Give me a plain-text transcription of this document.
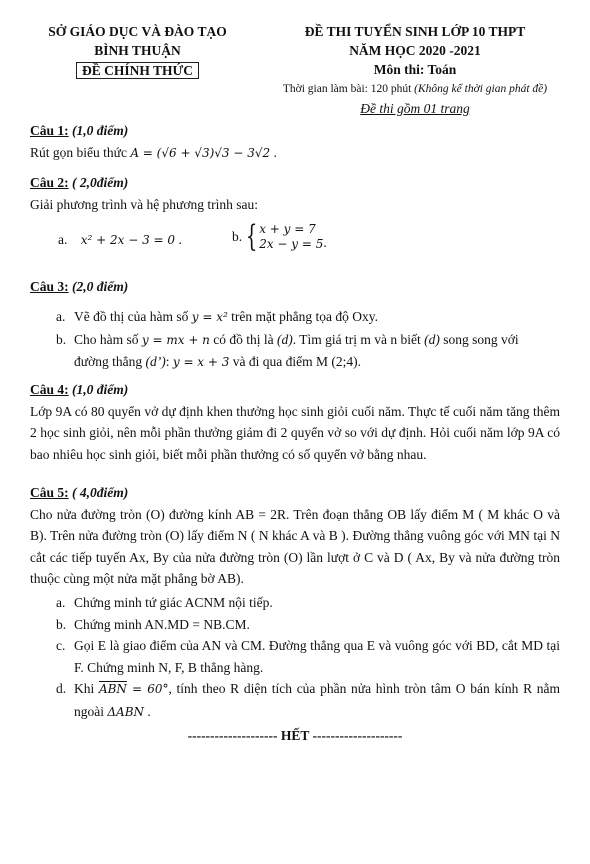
SỞ GIÁO DỤC VÀ ĐÀO TẠO
BÌNH THUẬN
ĐỀ CHÍNH THỨC
ĐỀ THI TUYỂN SINH LỚP 10 THPT
NĂM HỌC 2020 -2021
Môn thi: Toán
Thời gian làm bài: 120 phút (Không kể thời gian phát đề)
Đề thi gồm 01 trang
Câu 1: (1,0 điểm)
Rút gọn biểu thức A = (√6 + √3)√3 − 3√2 .
Câu 2: ( 2,0điểm)
Giải phương trình và hệ phương trình sau:
a. x² + 2x − 3 = 0 .	b. { x + y = 7
2x − y = 5 .
Câu 3: (2,0 điểm)
a. Vẽ đồ thị của hàm số y = x² trên mặt phẳng tọa độ Oxy.
b. Cho hàm số y = mx + n có đồ thị là (d). Tìm giá trị m và n biết (d) song song với
đường thẳng (d’): y = x + 3 và đi qua điểm M (2;4).
Câu 4: (1,0 điểm)
Lớp 9A có 80 quyển vở dự định khen thưởng học sinh giỏi cuối năm. Thực tế cuối năm tăng thêm 2 học sinh giỏi, nên mỗi phần thưởng giảm đi 2 quyển vở so với dự định. Hỏi cuối năm lớp 9A có bao nhiêu học sinh giỏi, biết mỗi phần thưởng có số quyển vở bằng nhau.
Câu 5: ( 4,0điểm)
Cho nửa đường tròn (O) đường kính AB = 2R. Trên đoạn thẳng OB lấy điểm M ( M khác O và B). Trên nửa đường tròn (O) lấy điểm N ( N khác A và B ). Đường thẳng vuông góc với MN tại N cắt các tiếp tuyến Ax, By của nửa đường tròn (O) lần lượt ở C và D ( Ax, By và nửa đường tròn thuộc cùng một nửa mặt phẳng bờ AB).
a. Chứng minh tứ giác ACNM nội tiếp.
b. Chứng minh AN.MD = NB.CM.
c. Gọi E là giao điểm của AN và CM. Đường thẳng qua E và vuông góc với BD, cắt MD tại F. Chứng minh N, F, B thẳng hàng.
d. Khi $\overline{ABN} = 60^\circ$, tính theo R diện tích của phần nửa hình tròn tâm O bán kính R nằm ngoài ΔABN .
-------------------- HẾT --------------------
